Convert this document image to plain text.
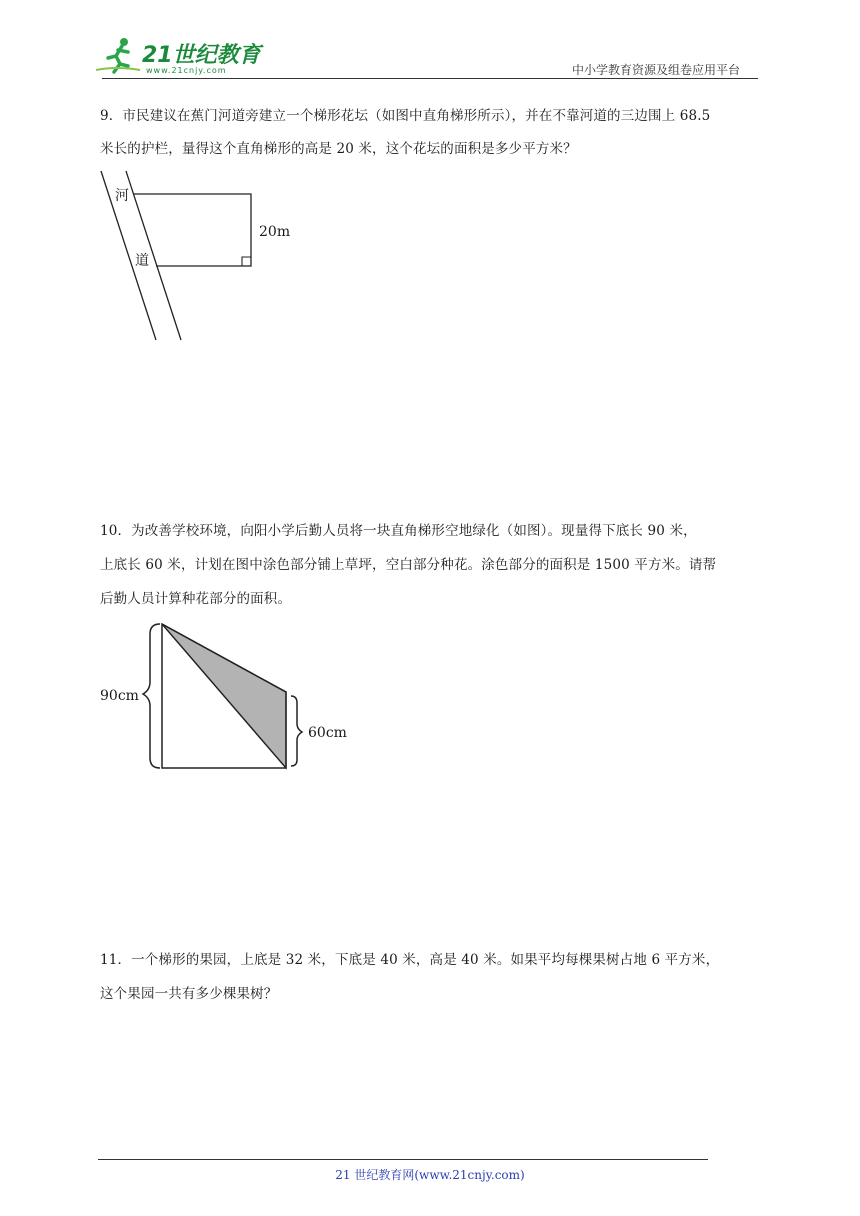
21世纪教育
www.21cnjy.com	中小学教育资源及组卷应用平台
9．市民建议在蕉门河道旁建立一个梯形花坛（如图中直角梯形所示），并在不靠河道的三边围上 68.5
米长的护栏，量得这个直角梯形的高是 20 米，这个花坛的面积是多少平方米？
河
道
20m
10．为改善学校环境，向阳小学后勤人员将一块直角梯形空地绿化（如图）。现量得下底长 90 米，
上底长 60 米，计划在图中涂色部分铺上草坪，空白部分种花。涂色部分的面积是 1500 平方米。请帮
后勤人员计算种花部分的面积。
90cm
60cm
11．一个梯形的果园，上底是 32 米，下底是 40 米，高是 40 米。如果平均每棵果树占地 6 平方米，
这个果园一共有多少棵果树？
21 世纪教育网(www.21cnjy.com)
